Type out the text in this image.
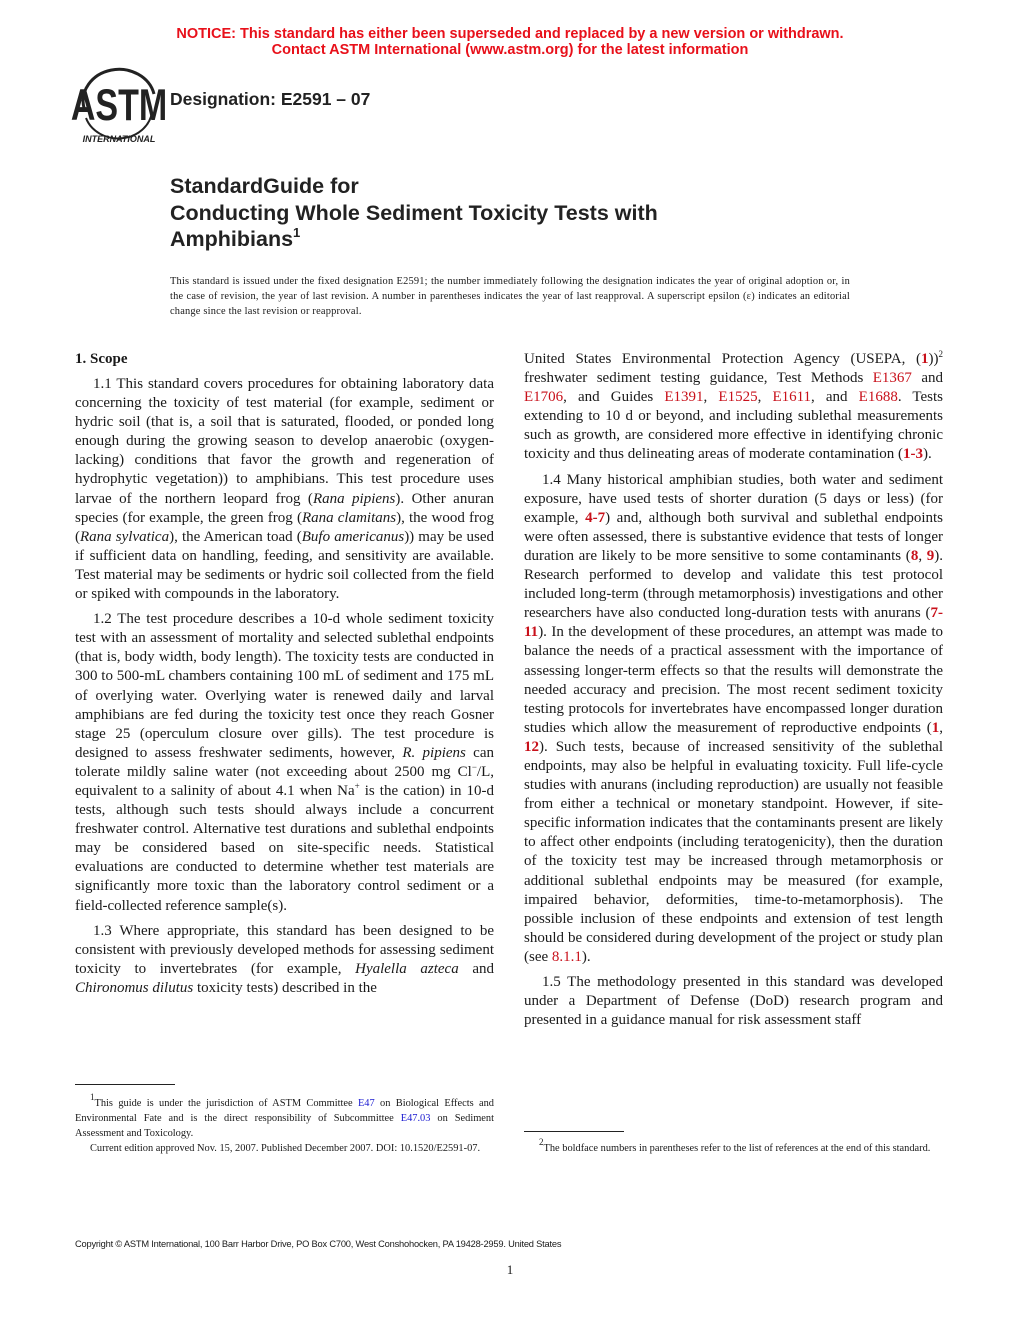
NOTICE: This standard has either been superseded and replaced by a new version or withdrawn.
Contact ASTM International (www.astm.org) for the latest information
ASTM
INTERNATIONAL
Designation: E2591 – 07
StandardGuide for
Conducting Whole Sediment Toxicity Tests with
Amphibians$^1$
This standard is issued under the fixed designation E2591; the number immediately following the designation indicates the year of original adoption or, in the case of revision, the year of last revision. A number in parentheses indicates the year of last reapproval. A superscript epsilon (ε) indicates an editorial change since the last revision or reapproval.
1. Scope

1.1 This standard covers procedures for obtaining laboratory data concerning the toxicity of test material (for example, sediment or hydric soil (that is, a soil that is saturated, flooded, or ponded long enough during the growing season to develop anaerobic (oxygen-lacking) conditions that favor the growth and regeneration of hydrophytic vegetation)) to amphibians. This test procedure uses larvae of the northern leopard frog (Rana pipiens). Other anuran species (for example, the green frog (Rana clamitans), the wood frog (Rana sylvatica), the American toad (Bufo americanus)) may be used if sufficient data on handling, feeding, and sensitivity are available. Test material may be sediments or hydric soil collected from the field or spiked with compounds in the laboratory.

1.2 The test procedure describes a 10-d whole sediment toxicity test with an assessment of mortality and selected sublethal endpoints (that is, body width, body length). The toxicity tests are conducted in 300 to 500-mL chambers containing 100 mL of sediment and 175 mL of overlying water. Overlying water is renewed daily and larval amphibians are fed during the toxicity test once they reach Gosner stage 25 (operculum closure over gills). The test procedure is designed to assess freshwater sediments, however, R. pipiens can tolerate mildly saline water (not exceeding about 2500 mg Cl−/L, equivalent to a salinity of about 4.1 when Na+ is the cation) in 10-d tests, although such tests should always include a concurrent freshwater control. Alternative test durations and sublethal endpoints may be considered based on site-specific needs. Statistical evaluations are conducted to determine whether test materials are significantly more toxic than the laboratory control sediment or a field-collected reference sample(s).

1.3 Where appropriate, this standard has been designed to be consistent with previously developed methods for assessing sediment toxicity to invertebrates (for example, Hyalella azteca and Chironomus dilutus toxicity tests) described in the

United States Environmental Protection Agency (USEPA, (1))$^2$ freshwater sediment testing guidance, Test Methods E1367 and E1706, and Guides E1391, E1525, E1611, and E1688. Tests extending to 10 d or beyond, and including sublethal measurements such as growth, are considered more effective in identifying chronic toxicity and thus delineating areas of moderate contamination (1-3).

1.4 Many historical amphibian studies, both water and sediment exposure, have used tests of shorter duration (5 days or less) (for example, 4-7) and, although both survival and sublethal endpoints were often assessed, there is substantive evidence that tests of longer duration are likely to be more sensitive to some contaminants (8, 9). Research performed to develop and validate this test protocol included long-term (through metamorphosis) investigations and other researchers have also conducted long-duration tests with anurans (7-11). In the development of these procedures, an attempt was made to balance the needs of a practical assessment with the importance of assessing longer-term effects so that the results will demonstrate the needed accuracy and precision. The most recent sediment toxicity testing protocols for invertebrates have encompassed longer duration studies which allow the measurement of reproductive endpoints (1, 12). Such tests, because of increased sensitivity of the sublethal endpoints, may also be helpful in evaluating toxicity. Full life-cycle studies with anurans (including reproduction) are usually not feasible from either a technical or monetary standpoint. However, if site-specific information indicates that the contaminants present are likely to affect other endpoints (including teratogenicity), then the duration of the toxicity test may be increased through metamorphosis or additional sublethal endpoints may be measured (for example, impaired behavior, deformities, time-to-metamorphosis). The possible inclusion of these endpoints and extension of test length should be considered during development of the project or study plan (see 8.1.1).

1.5 The methodology presented in this standard was developed under a Department of Defense (DoD) research program and presented in a guidance manual for risk assessment staff

$^1$This guide is under the jurisdiction of ASTM Committee E47 on Biological Effects and Environmental Fate and is the direct responsibility of Subcommittee E47.03 on Sediment Assessment and Toxicology.

Current edition approved Nov. 15, 2007. Published December 2007. DOI: 10.1520/E2591-07.

$^2$The boldface numbers in parentheses refer to the list of references at the end of this standard.

Copyright © ASTM International, 100 Barr Harbor Drive, PO Box C700, West Conshohocken, PA 19428-2959. United States
1
